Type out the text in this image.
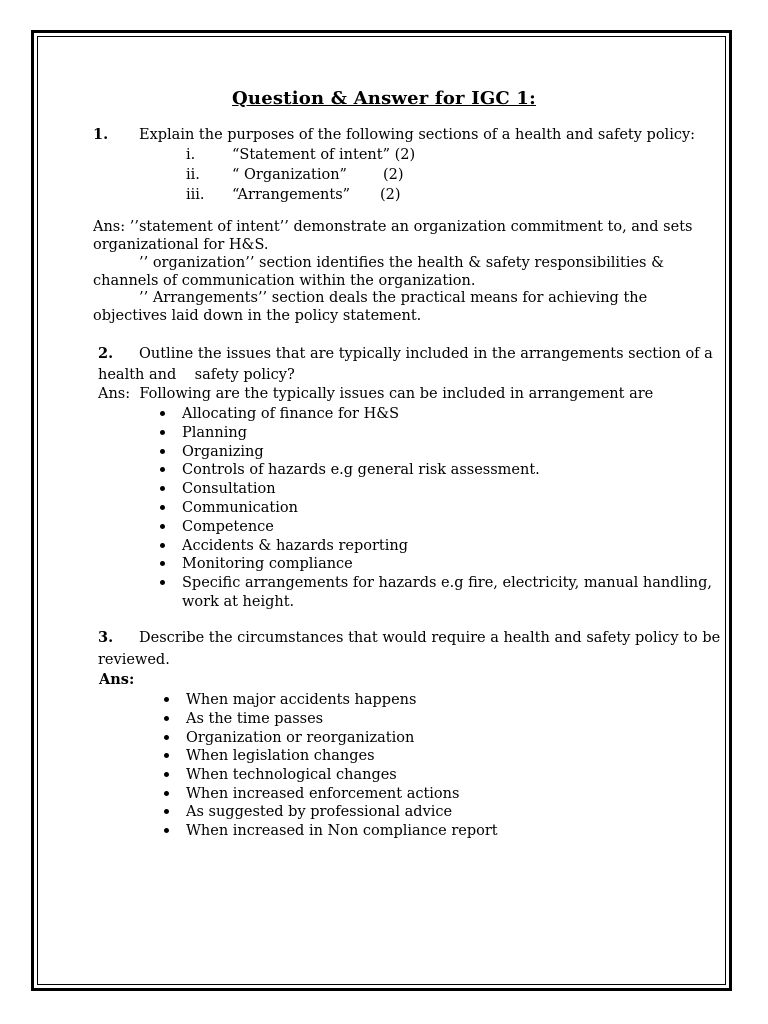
Question & Answer for IGC 1:
1. Explain the purposes of the following sections of a health and safety policy:
i.	“Statement of intent” (2)
ii. “ Organization” (2)
iii. “Arrangements” (2)
Ans: ’’statement of intent’’ demonstrate an organization commitment to, and sets
organizational for H&S.
’’ organization’’ section identifies the health & safety responsibilities &
channels of communication within the organization.
’’ Arrangements’’ section deals the practical means for achieving the
objectives laid down in the policy statement.
2. Outline the issues that are typically included in the arrangements section of a
health and    safety policy?
Ans:  Following are the typically issues can be included in arrangement are
Allocating of finance for H&S
Planning
Organizing
Controls of hazards e.g general risk assessment.
Consultation
Communication
Competence
Accidents & hazards reporting
Monitoring compliance
Specific arrangements for hazards e.g fire, electricity, manual handling,
work at height.
3. Describe the circumstances that would require a health and safety policy to be
reviewed.
Ans:
When major accidents happens
As the time passes
Organization or reorganization
When legislation changes
When technological changes
When increased enforcement actions
As suggested by professional advice
When increased in Non compliance report
